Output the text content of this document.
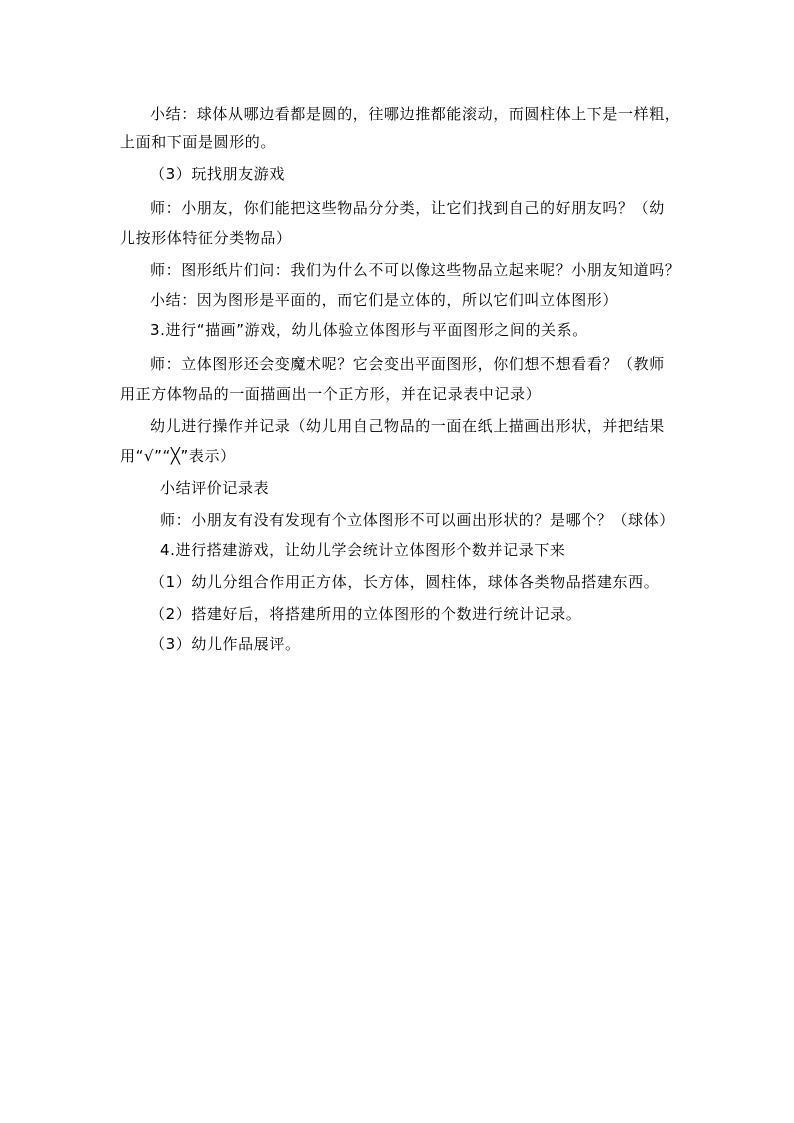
小结：球体从哪边看都是圆的，往哪边推都能滚动，而圆柱体上下是一样粗，
上面和下面是圆形的。
（3）玩找朋友游戏
师：小朋友，你们能把这些物品分分类，让它们找到自己的好朋友吗？（幼
儿按形体特征分类物品）
师：图形纸片们问：我们为什么不可以像这些物品立起来呢？小朋友知道吗？
小结：因为图形是平面的，而它们是立体的，所以它们叫立体图形）
3.进行“描画”游戏，幼儿体验立体图形与平面图形之间的关系。
师：立体图形还会变魔术呢？它会变出平面图形，你们想不想看看？（教师
用正方体物品的一面描画出一个正方形，并在记录表中记录）
幼儿进行操作并记录（幼儿用自己物品的一面在纸上描画出形状，并把结果
用“√”“╳”表示）
小结评价记录表
师：小朋友有没有发现有个立体图形不可以画出形状的？是哪个？（球体）
4.进行搭建游戏，让幼儿学会统计立体图形个数并记录下来
（1）幼儿分组合作用正方体，长方体，圆柱体，球体各类物品搭建东西。
（2）搭建好后，将搭建所用的立体图形的个数进行统计记录。
（3）幼儿作品展评。
